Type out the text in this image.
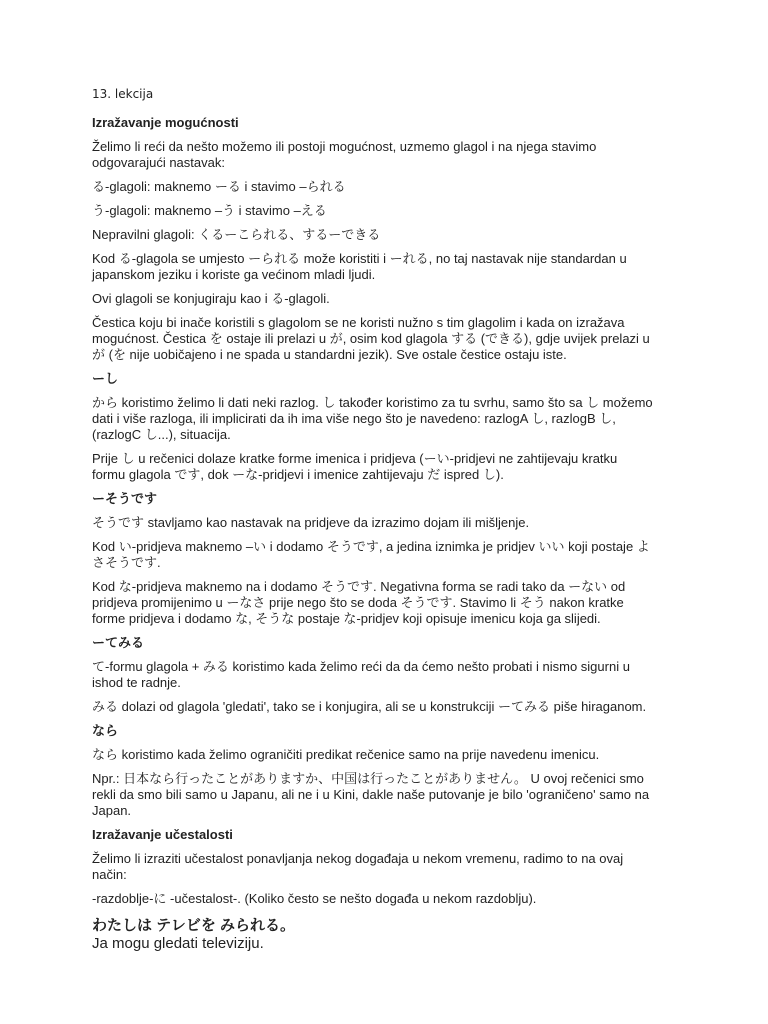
13. lekcija
Izražavanje mogućnosti
Želimo li reći da nešto možemo ili postoji mogućnost, uzmemo glagol i na njega stavimo
odgovarajući nastavak:
る-glagoli: maknemo ーる i stavimo –られる
う-glagoli: maknemo –う i stavimo –える
Nepravilni glagoli: くるーこられる、するーできる
Kod る-glagola se umjesto ーられる može koristiti i ーれる, no taj nastavak nije standardan u
japanskom jeziku i koriste ga većinom mladi ljudi.
Ovi glagoli se konjugiraju kao i る-glagoli.
Čestica koju bi inače koristili s glagolom se ne koristi nužno s tim glagolim i kada on izražava
mogućnost. Čestica を ostaje ili prelazi u が, osim kod glagola する (できる), gdje uvijek prelazi u
が (を nije uobičajeno i ne spada u standardni jezik). Sve ostale čestice ostaju iste.
ーし
から koristimo želimo li dati neki razlog. し također koristimo za tu svrhu, samo što sa し možemo
dati i više razloga, ili implicirati da ih ima više nego što je navedeno: razlogA し, razlogB し,
(razlogC し...), situacija.
Prije し u rečenici dolaze kratke forme imenica i pridjeva (ーい-pridjevi ne zahtijevaju kratku
formu glagola です, dok ーな-pridjevi i imenice zahtijevaju だ ispred し).
ーそうです
そうです stavljamo kao nastavak na pridjeve da izrazimo dojam ili mišljenje.
Kod い-pridjeva maknemo –い i dodamo そうです, a jedina iznimka je pridjev いい koji postaje よ
さそうです.
Kod な-pridjeva maknemo na i dodamo そうです. Negativna forma se radi tako da ーない od
pridjeva promijenimo u ーなさ prije nego što se doda そうです. Stavimo li そう nakon kratke
forme pridjeva i dodamo な, そうな postaje な-pridjev koji opisuje imenicu koja ga slijedi.
ーてみる
て-formu glagola + みる koristimo kada želimo reći da da ćemo nešto probati i nismo sigurni u
ishod te radnje.
みる dolazi od glagola 'gledati', tako se i konjugira, ali se u konstrukciji ーてみる piše hiraganom.
なら
なら koristimo kada želimo ograničiti predikat rečenice samo na prije navedenu imenicu.
Npr.: 日本なら行ったことがありますか、中国は行ったことがありません。 U ovoj rečenici smo
rekli da smo bili samo u Japanu, ali ne i u Kini, dakle naše putovanje je bilo 'ograničeno' samo na
Japan.
Izražavanje učestalosti
Želimo li izraziti učestalost ponavljanja nekog događaja u nekom vremenu, radimo to na ovaj
način:
-razdoblje-に -učestalost-. (Koliko često se nešto događa u nekom razdoblju).
わたしは テレビを みられる。
Ja mogu gledati televiziju.
